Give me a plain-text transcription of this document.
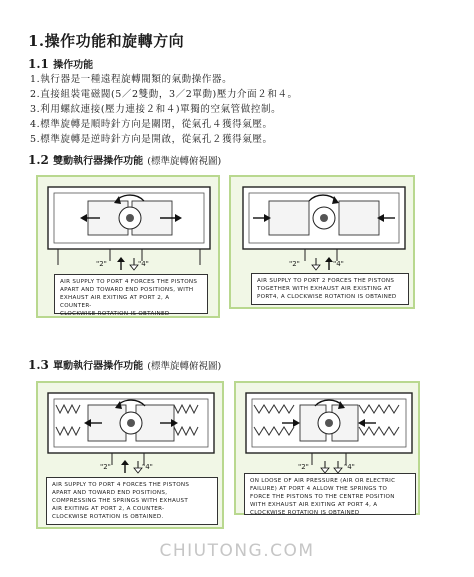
1.操作功能和旋轉方向
1.1 操作功能
1.執行器是一種遠程旋轉閥類的氣動操作器。
2.直接組裝電磁閥(5／2雙動，3／2單動)壓力介面２和４。
3.利用螺紋連接(壓力連接２和４)單獨的空氣管做控制。
4.標準旋轉是順時針方向是關閉，從氣孔４獲得氣壓。
5.標準旋轉是逆時針方向是開啟，從氣孔２獲得氣壓。
1.2 雙動執行器操作功能 (標準旋轉俯視圖)
"2"	"4"
AIR SUPPLY TO PORT 4 FORCES THE PISTONS
APART AND TOWARD END POSITIONS, WITH
EXHAUST AIR EXITING AT PORT 2, A COUNTER-
CLOCKWISE ROTATION IS OBTAINED
"2"	"4"
AIR SUPPLY TO PORT 2 FORCES THE PISTONS
TOGETHER WITH EXHAUST AIR EXISTING AT
PORT4, A CLOCKWISE ROTATION IS OBTAINED
1.3 單動執行器操作功能 (標準旋轉俯視圖)
"2"	"4"
AIR SUPPLY TO PORT 4 FORCES THE PISTONS
APART AND TOWARD END POSITIONS,
COMPRESSING THE SPRINGS WITH EXHAUST
AIR EXITING AT PORT 2, A COUNTER-
CLOCKWISE ROTATION IS OBTAINED.
"2"	"4"
ON LOOSE OF AIR PRESSURE (AIR OR ELECTRIC
FAILURE) AT PORT 4 ALLOW THE SPRINGS TO
FORCE THE PISTONS TO THE CENTRE POSITION
WITH EXHAUST AIR EXITING AT PORT 4, A
CLOCKWISE ROTATION IS OBTAINED
CHIUTONG.COM
